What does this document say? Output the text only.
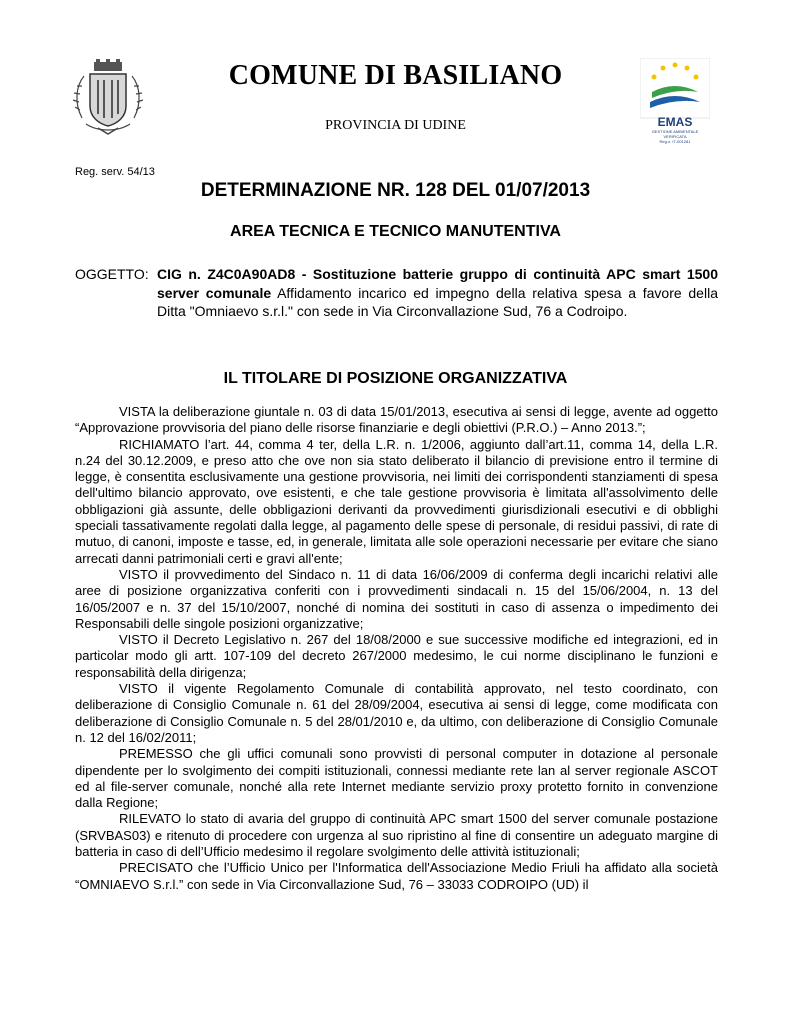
COMUNE DI BASILIANO
PROVINCIA DI UDINE	EMAS
GESTIONE AMBIENTALE
VERIFICATA
Reg.n. IT-001281
Reg. serv. 54/13
DETERMINAZIONE NR. 128 DEL 01/07/2013
AREA TECNICA E TECNICO MANUTENTIVA
OGGETTO: CIG n. Z4C0A90AD8 - Sostituzione batterie gruppo di continuità APC smart 1500 server comunale Affidamento incarico ed impegno della relativa spesa a favore della Ditta "Omniaevo s.r.l." con sede in Via Circonvallazione Sud, 76 a Codroipo.
IL TITOLARE DI POSIZIONE ORGANIZZATIVA

VISTA la deliberazione giuntale n. 03 di data 15/01/2013, esecutiva ai sensi di legge, avente ad oggetto “Approvazione provvisoria del piano delle risorse finanziarie e degli obiettivi (P.R.O.) – Anno 2013.”;

RICHIAMATO l’art. 44, comma 4 ter, della L.R. n. 1/2006, aggiunto dall’art.11, comma 14, della L.R. n.24 del 30.12.2009, e preso atto che ove non sia stato deliberato il bilancio di previsione entro il termine di legge, è consentita esclusivamente una gestione provvisoria, nei limiti dei corrispondenti stanziamenti di spesa dell'ultimo bilancio approvato, ove esistenti, e che tale gestione provvisoria è limitata all'assolvimento delle obbligazioni già assunte, delle obbligazioni derivanti da provvedimenti giurisdizionali esecutivi e di obblighi speciali tassativamente regolati dalla legge, al pagamento delle spese di personale, di residui passivi, di rate di mutuo, di canoni, imposte e tasse, ed, in generale, limitata alle sole operazioni necessarie per evitare che siano arrecati danni patrimoniali certi e gravi all'ente;

VISTO il provvedimento del Sindaco n. 11 di data 16/06/2009 di conferma degli incarichi relativi alle aree di posizione organizzativa conferiti con i provvedimenti sindacali n. 15 del 15/06/2004, n. 13 del 16/05/2007 e n. 37 del 15/10/2007, nonché di nomina dei sostituti in caso di assenza o impedimento dei Responsabili delle singole posizioni organizzative;

VISTO il Decreto Legislativo n. 267 del 18/08/2000 e sue successive modifiche ed integrazioni, ed in particolar modo gli artt. 107-109 del decreto 267/2000 medesimo, le cui norme disciplinano le funzioni e responsabilità della dirigenza;

VISTO il vigente Regolamento Comunale di contabilità approvato, nel testo coordinato, con deliberazione di Consiglio Comunale n. 61 del 28/09/2004, esecutiva ai sensi di legge, come modificata con deliberazione di Consiglio Comunale n. 5 del 28/01/2010 e, da ultimo, con deliberazione di Consiglio Comunale n. 12 del 16/02/2011;

PREMESSO che gli uffici comunali sono provvisti di personal computer in dotazione al personale dipendente per lo svolgimento dei compiti istituzionali, connessi mediante rete lan al server regionale ASCOT ed al file-server comunale, nonché alla rete Internet mediante servizio proxy protetto fornito in convenzione dalla Regione;

RILEVATO lo stato di avaria del gruppo di continuità APC smart 1500 del server comunale postazione (SRVBAS03) e ritenuto di procedere con urgenza al suo ripristino al fine di consentire un adeguato margine di batteria in caso di dell’Ufficio medesimo il regolare svolgimento delle attività istituzionali;

PRECISATO che l’Ufficio Unico per l'Informatica dell'Associazione Medio Friuli ha affidato alla società “OMNIAEVO S.r.l.” con sede in Via Circonvallazione Sud, 76 – 33033 CODROIPO (UD) il
